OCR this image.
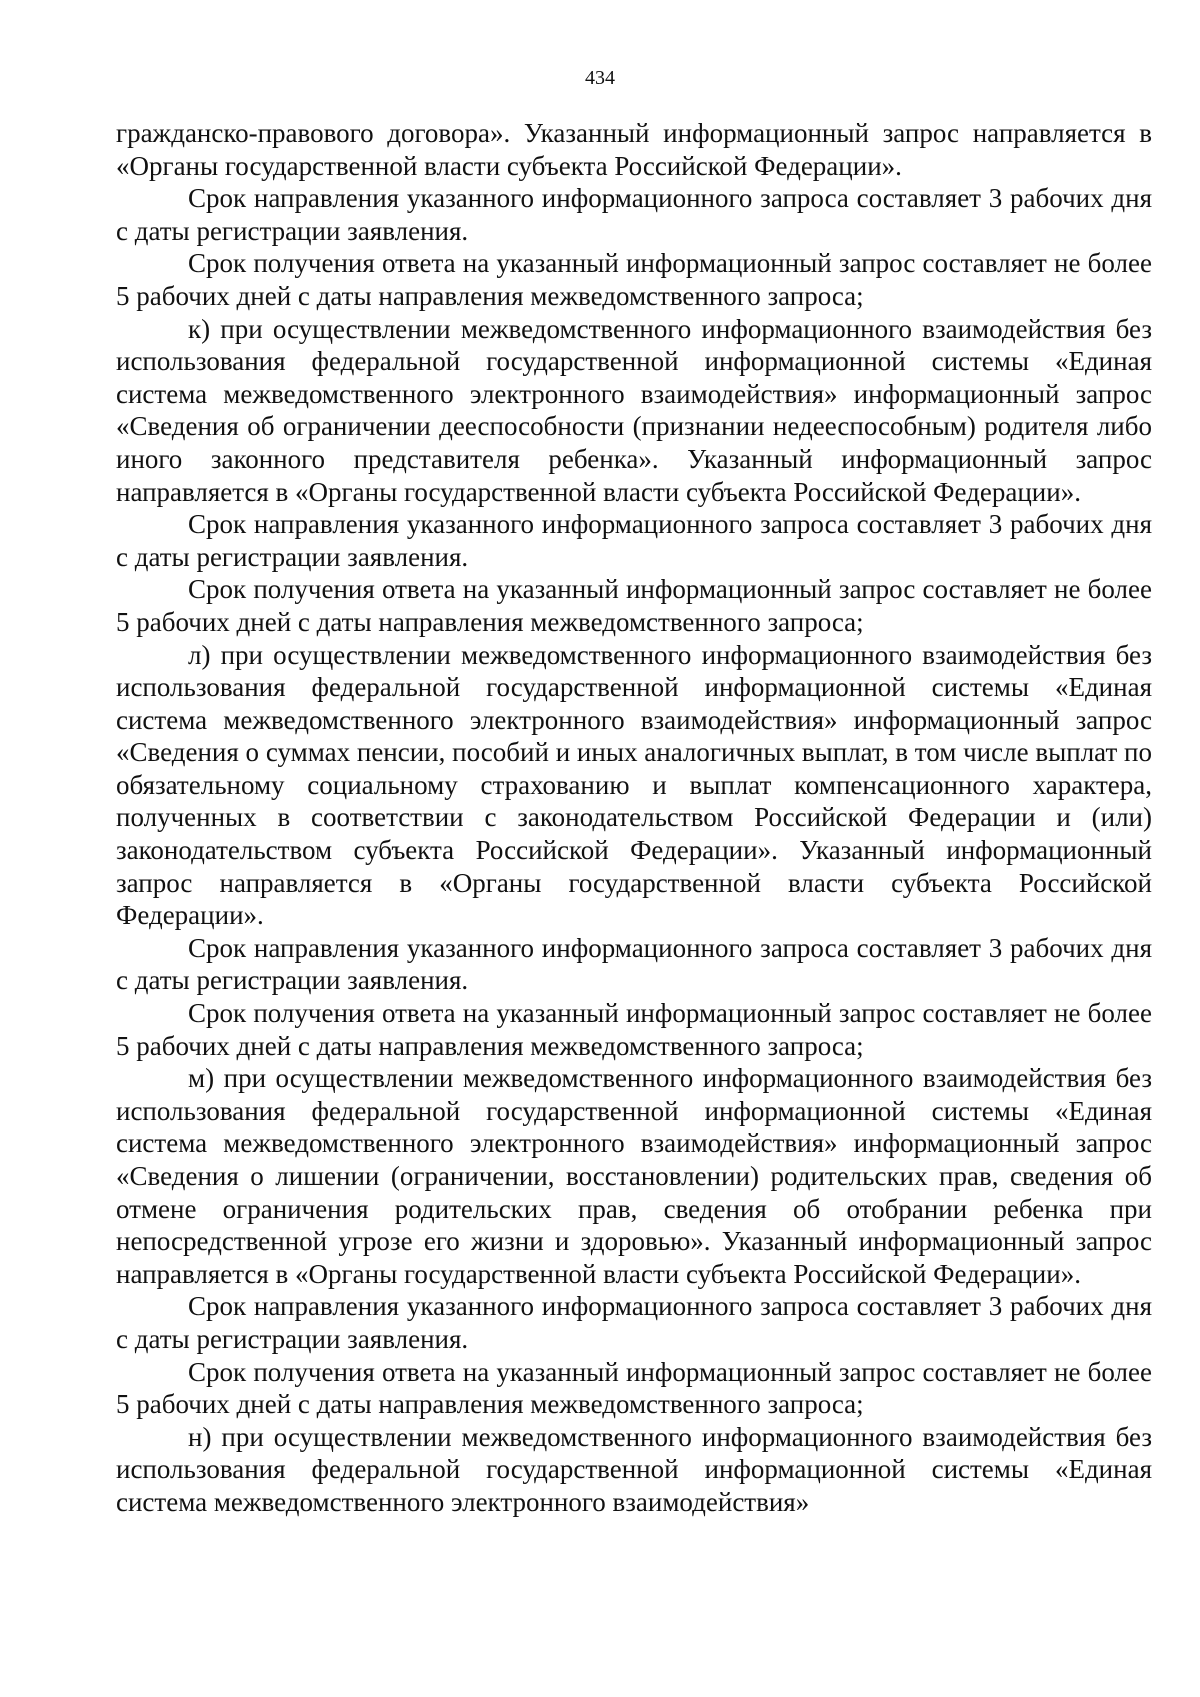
434

гражданско-правового договора». Указанный информационный запрос направляется в «Органы государственной власти субъекта Российской Федерации».

Срок направления указанного информационного запроса составляет 3 рабочих дня с даты регистрации заявления.

Срок получения ответа на указанный информационный запрос составляет не более 5 рабочих дней с даты направления межведомственного запроса;

к) при осуществлении межведомственного информационного взаимодействия без использования федеральной государственной информационной системы «Единая система межведомственного электронного взаимодействия» информационный запрос «Сведения об ограничении дееспособности (признании недееспособным) родителя либо иного законного представителя ребенка». Указанный информационный запрос направляется в «Органы государственной власти субъекта Российской Федерации».

Срок направления указанного информационного запроса составляет 3 рабочих дня с даты регистрации заявления.

Срок получения ответа на указанный информационный запрос составляет не более 5 рабочих дней с даты направления межведомственного запроса;

л) при осуществлении межведомственного информационного взаимодействия без использования федеральной государственной информационной системы «Единая система межведомственного электронного взаимодействия» информационный запрос «Сведения о суммах пенсии, пособий и иных аналогичных выплат, в том числе выплат по обязательному социальному страхованию и выплат компенсационного характера, полученных в соответствии с законодательством Российской Федерации и (или) законодательством субъекта Российской Федерации». Указанный информационный запрос направляется в «Органы государственной власти субъекта Российской Федерации».

Срок направления указанного информационного запроса составляет 3 рабочих дня с даты регистрации заявления.

Срок получения ответа на указанный информационный запрос составляет не более 5 рабочих дней с даты направления межведомственного запроса;

м) при осуществлении межведомственного информационного взаимодействия без использования федеральной государственной информационной системы «Единая система межведомственного электронного взаимодействия» информационный запрос «Сведения о лишении (ограничении, восстановлении) родительских прав, сведения об отмене ограничения родительских прав, сведения об отобрании ребенка при непосредственной угрозе его жизни и здоровью». Указанный информационный запрос направляется в «Органы государственной власти субъекта Российской Федерации».

Срок направления указанного информационного запроса составляет 3 рабочих дня с даты регистрации заявления.

Срок получения ответа на указанный информационный запрос составляет не более 5 рабочих дней с даты направления межведомственного запроса;

н) при осуществлении межведомственного информационного взаимодействия без использования федеральной государственной информационной системы «Единая система межведомственного электронного взаимодействия»
